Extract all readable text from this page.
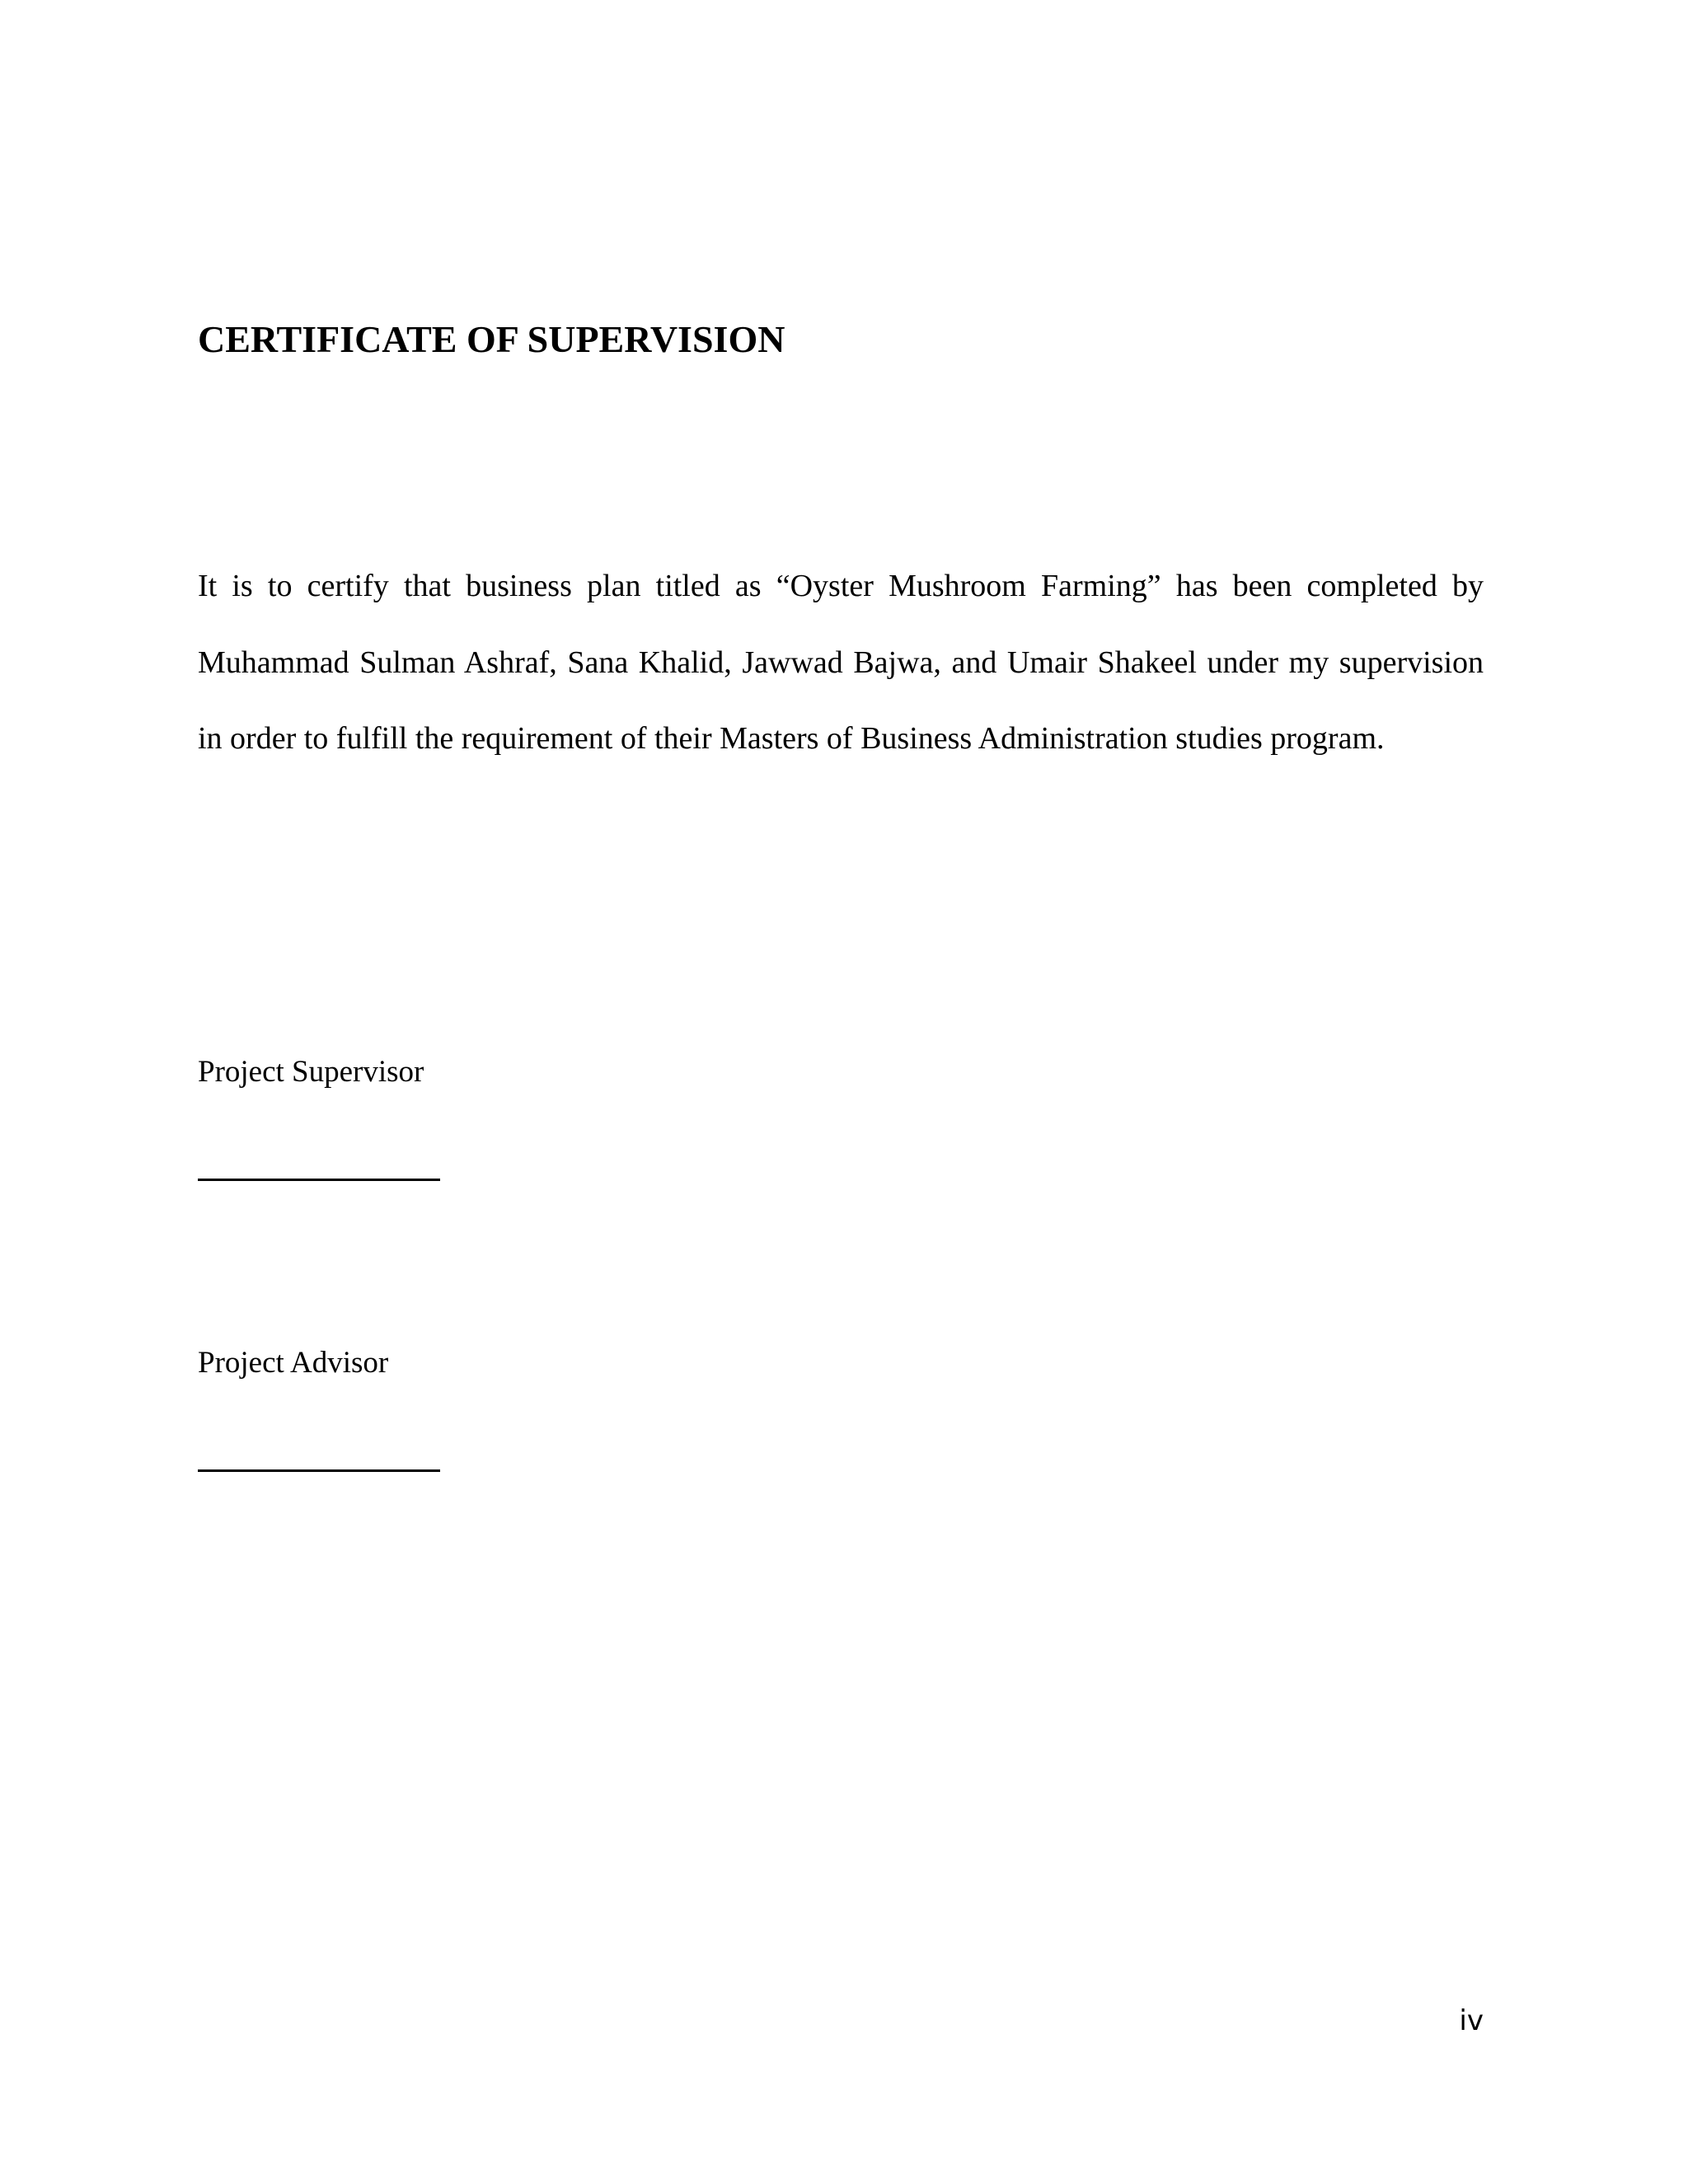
CERTIFICATE OF SUPERVISION

It is to certify that business plan titled as “Oyster Mushroom Farming” has been completed by Muhammad Sulman Ashraf, Sana Khalid, Jawwad Bajwa, and Umair Shakeel under my supervision in order to fulfill the requirement of their Masters of Business Administration studies program.

Project Supervisor

Project Advisor

iv
